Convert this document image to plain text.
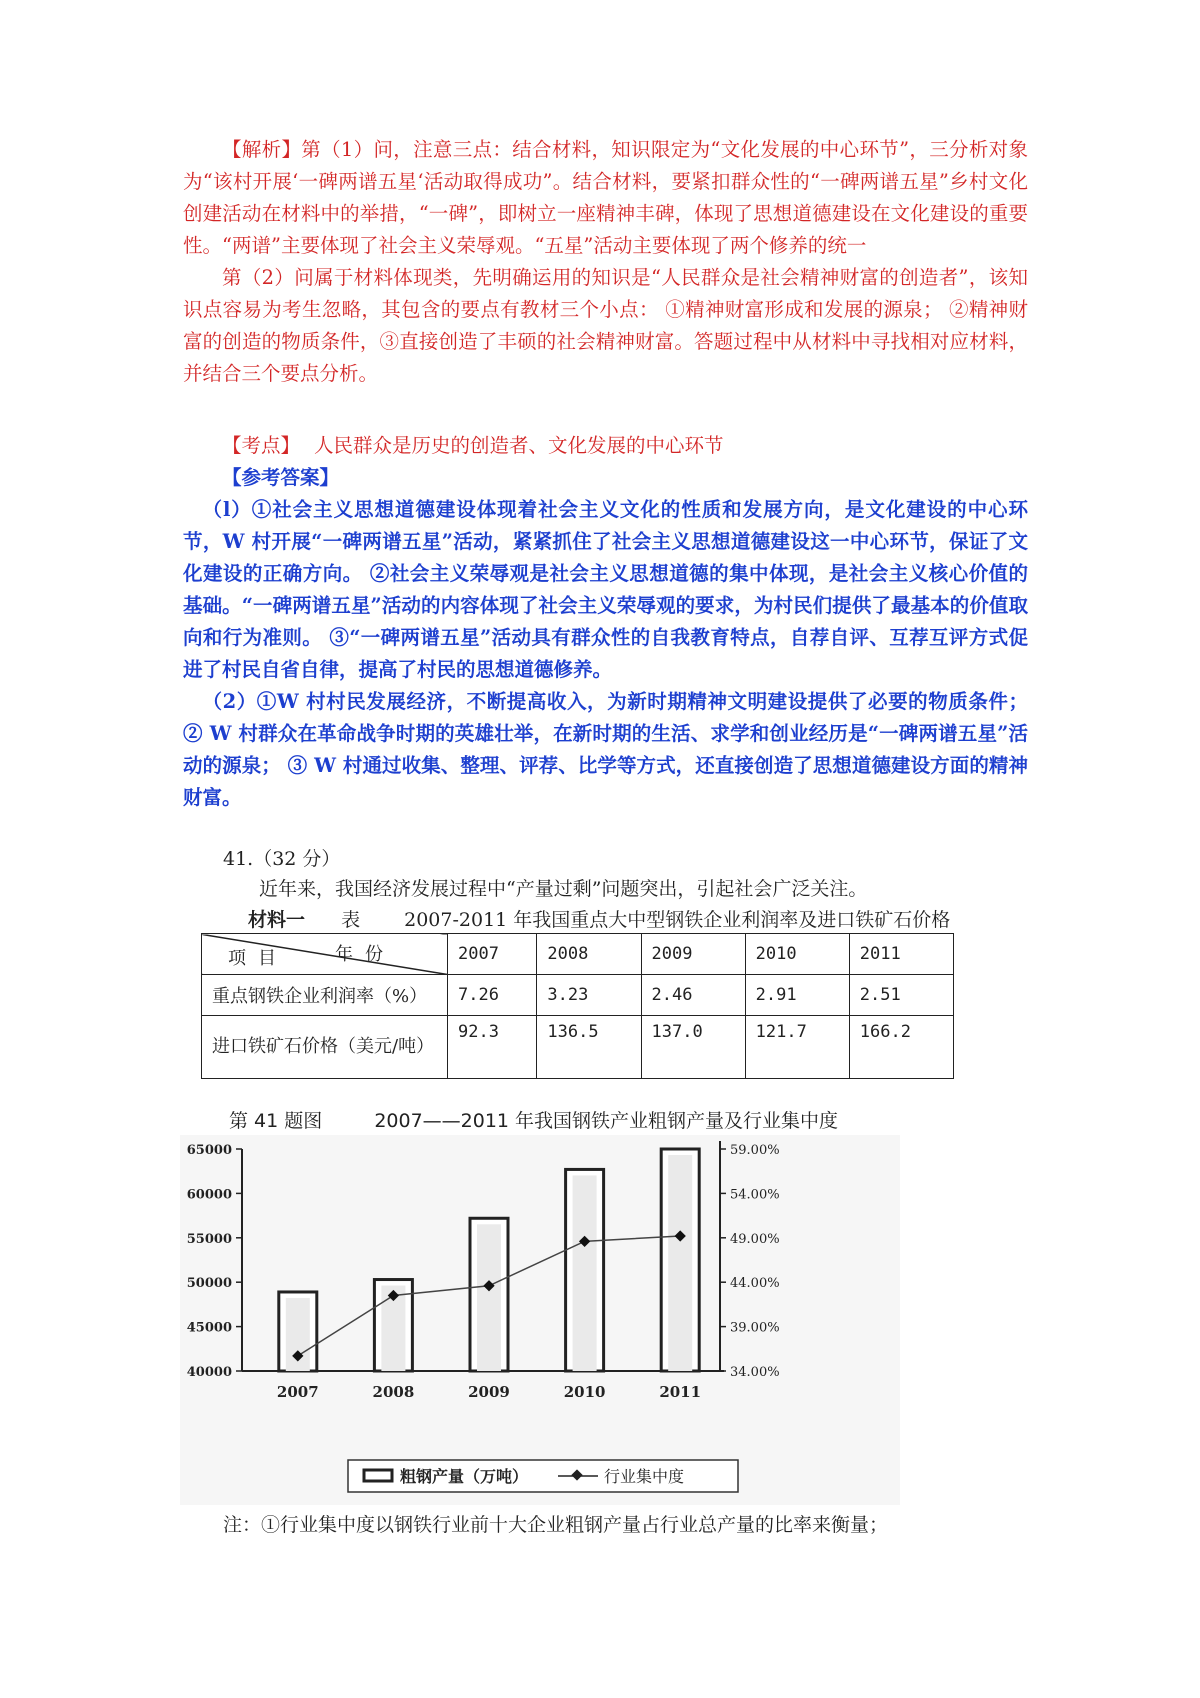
【解析】第（1）问，注意三点：结合材料，知识限定为“文化发展的中心环节”，三分析对象为“该村开展‘一碑两谱五星‘活动取得成功”。结合材料，要紧扣群众性的“一碑两谱五星”乡村文化创建活动在材料中的举措，“一碑”，即树立一座精神丰碑，体现了思想道德建设在文化建设的重要性。“两谱”主要体现了社会主义荣辱观。“五星”活动主要体现了两个修养的统一

第（2）问属于材料体现类，先明确运用的知识是“人民群众是社会精神财富的创造者”，该知识点容易为考生忽略，其包含的要点有教材三个小点： ①精神财富形成和发展的源泉； ②精神财富的创造的物质条件，③直接创造了丰硕的社会精神财富。答题过程中从材料中寻找相对应材料，并结合三个要点分析。

【考点】 人民群众是历史的创造者、文化发展的中心环节

【参考答案】

（l）①社会主义思想道德建设体现着社会主义文化的性质和发展方向，是文化建设的中心环节，W 村开展“一碑两谱五星”活动，紧紧抓住了社会主义思想道德建设这一中心环节，保证了文化建设的正确方向。 ②社会主义荣辱观是社会主义思想道德的集中体现，是社会主义核心价值的基础。“一碑两谱五星”活动的内容体现了社会主义荣辱观的要求，为村民们提供了最基本的价值取向和行为准则。 ③“一碑两谱五星”活动具有群众性的自我教育特点，自荐自评、互荐互评方式促进了村民自省自律，提高了村民的思想道德修养。

（2）①W 村村民发展经济，不断提高收入，为新时期精神文明建设提供了必要的物质条件； ② W 村群众在革命战争时期的英雄壮举，在新时期的生活、求学和创业经历是“一碑两谱五星”活动的源泉； ③ W 村通过收集、整理、评荐、比学等方式，还直接创造了思想道德建设方面的精神财富。

41.（32 分）
近年来，我国经济发展过程中“产量过剩”问题突出，引起社会广泛关注。
材料一 表 2007-2011 年我国重点大中型钢铁企业利润率及进口铁矿石价格
年份
项目	2007	2008	2009	2010	2011
重点钢铁企业利润率（%）	7.26	3.23	2.46	2.91	2.51
进口铁矿石价格（美元/吨）	92.3	136.5	137.0	121.7	166.2
第 41 题图	2007——2011 年我国钢铁产业粗钢产量及行业集中度
40000
45000
50000
55000
60000
65000
34.00%
39.00%
44.00%
49.00%
54.00%
59.00%
2007	2008	2009	2010	2011
粗钢产量（万吨）	行业集中度
注：①行业集中度以钢铁行业前十大企业粗钢产量占行业总产量的比率来衡量；
